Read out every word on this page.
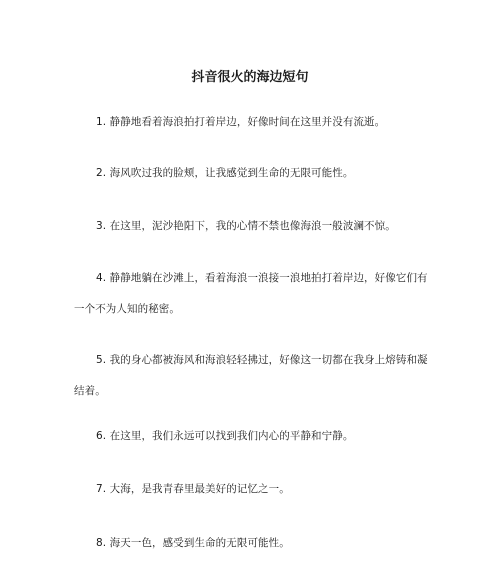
抖音很火的海边短句

1. 静静地看着海浪拍打着岸边，好像时间在这里并没有流逝。

2. 海风吹过我的脸颊，让我感觉到生命的无限可能性。

3. 在这里，泥沙艳阳下，我的心情不禁也像海浪一般波澜不惊。

4. 静静地躺在沙滩上，看着海浪一浪接一浪地拍打着岸边，好像它们有一个不为人知的秘密。

5. 我的身心都被海风和海浪轻轻拂过，好像这一切都在我身上熔铸和凝结着。

6. 在这里，我们永远可以找到我们内心的平静和宁静。

7. 大海，是我青春里最美好的记忆之一。

8. 海天一色，感受到生命的无限可能性。
